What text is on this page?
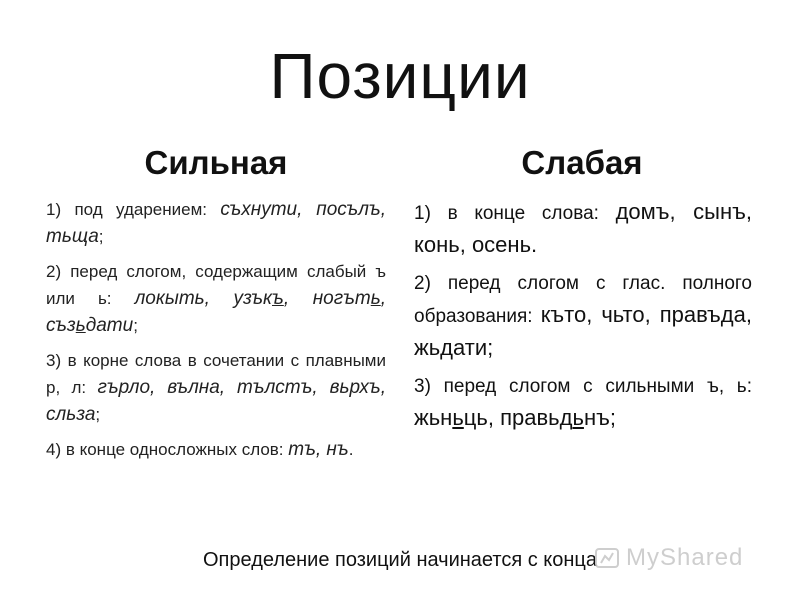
Позиции
Сильная	Слабая
1) под ударением: съхнути, посълъ, тьща;
2) перед слогом, содержащим слабый ъ или ь: локыть, узъкъ, ногъть, съзьдати;
3) в корне слова в сочетании с плавными р, л: гърло, вълна, тълстъ, вьрхъ, сльза;
4) в конце односложных слов: тъ, нъ.
1) в конце слова: домъ, сынъ, конь, осень.
2) перед слогом с глас. полного образования: къто, чьто, правъда, жьдати;
3) перед слогом с сильными ъ, ь: жьньць, правьдьнъ;
Определение позиций начинается с конца	MyShared
